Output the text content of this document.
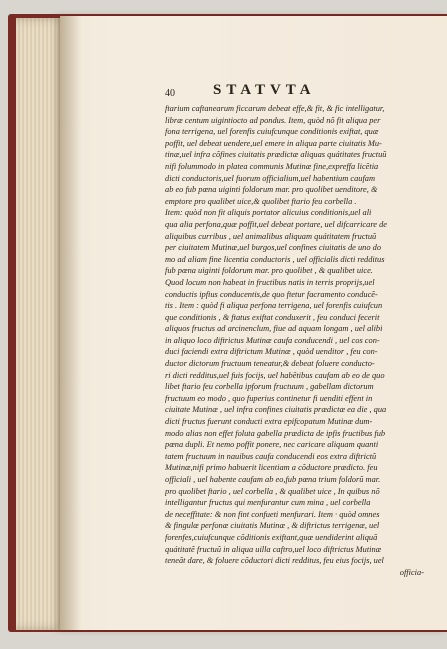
40	STATVTA
ftarium caftanearum ficcarum debeat effe,& fit, & fic intelligatur,
libræ centum uigintiocto ad pondus. Item, quòd nõ fit aliqua per
fona terrigena, uel forenfis cuiufcunque conditionis exiftat, quæ
poffit, uel debeat uendere,uel emere in aliqua parte ciuitatis Mu-
tinæ,uel infra cõfines ciuitatis prædictæ aliquas quátitates fructuũ
nifi folummodo in platea communis Mutinæ fine,expreffa licẽtia
dicti conductoris,uel fuorum officialium,uel habentium caufam
ab eo fub pœna uiginti foldorum mar. pro quolibet uenditore, &
emptore pro qualibet uice,& quolibet ftario feu corbella .
Item: quòd non fit aliquis portator alicuius conditionis,uel ali
qua alia perfona,quæ poffit,uel debeat portare, uel difcarricare de
aliquibus curribus , uel animalibus aliquam quátitatem fructuũ
per ciuitatem Mutinæ,uel burgos,uel confines ciuitatis de uno do
mo ad aliam fine licentia conductoris , uel officialis dicti redditus
fub pœna uiginti foldorum mar. pro quolibet , & qualibet uice.
Quod locum non habeat in fructibus natis in terris proprijs,uel
conductis ipfius conducentis,de quo ftetur facramento conducẽ-
tis . Item : quòd fi aliqua perfona terrigena, uel forenfis cuiufcun
que conditionis , & ftatus exiftat conduxerit , feu conduci fecerit
aliquos fructus ad arcinenclum, fiue ad aquam longam , uel alibi
in aliquo loco diftrictus Mutinæ caufa conducendi , uel cos con-
duci faciendi extra diftrictum Mutinæ , quòd uenditor , feu con-
ductor dictorum fructuum teneatur,& debeat foluere conducto-
ri dicti redditus,uel fuis focijs, uel habẽtibus caufam ab eo de quo
libet ftario feu corbella ipforum fructuum , gabellam dictorum
fructuum eo modo , quo fuperius continetur fi uenditi effent in
ciuitate Mutinæ , uel infra confines ciuitatis prædictæ ea die , qua
dicti fructus fuerunt conducti extra epifcopatum Mutinæ dum-
modo alias non effet foluta gabella prædicta de ipfis fructibus fub
pœna dupli. Et nemo poffit ponere, nec caricare aliquam quanti
tatem fructuum in nauibus caufa conducendi eos extra diftrictũ
Mutinæ,nifi primo habuerit licentiam a cõductore prædicto. feu
officiali , uel habente caufam ab eo,fub pœna trium foldorũ mar.
pro quolibet ftario , uel corbella , & qualibet uice , In quibus nõ
intelligantur fructus qui menfurantur cum mina , uel corbella
de neceffitate: & non fint confueti menfurari. Item · quòd omnes
& fingulæ perfonæ ciuitatis Mutinæ , & diftrictus terrigenæ, uel
forenfes,cuiufcunque cõditionis exiftant,quæ uendiderint aliquã
quátitatẽ fructuũ in aliqua uilla caftro,uel loco diftrictus Mutinæ
teneãt dare, & foluere cõductori dicti redditus, feu eius focijs, uel
officia-
